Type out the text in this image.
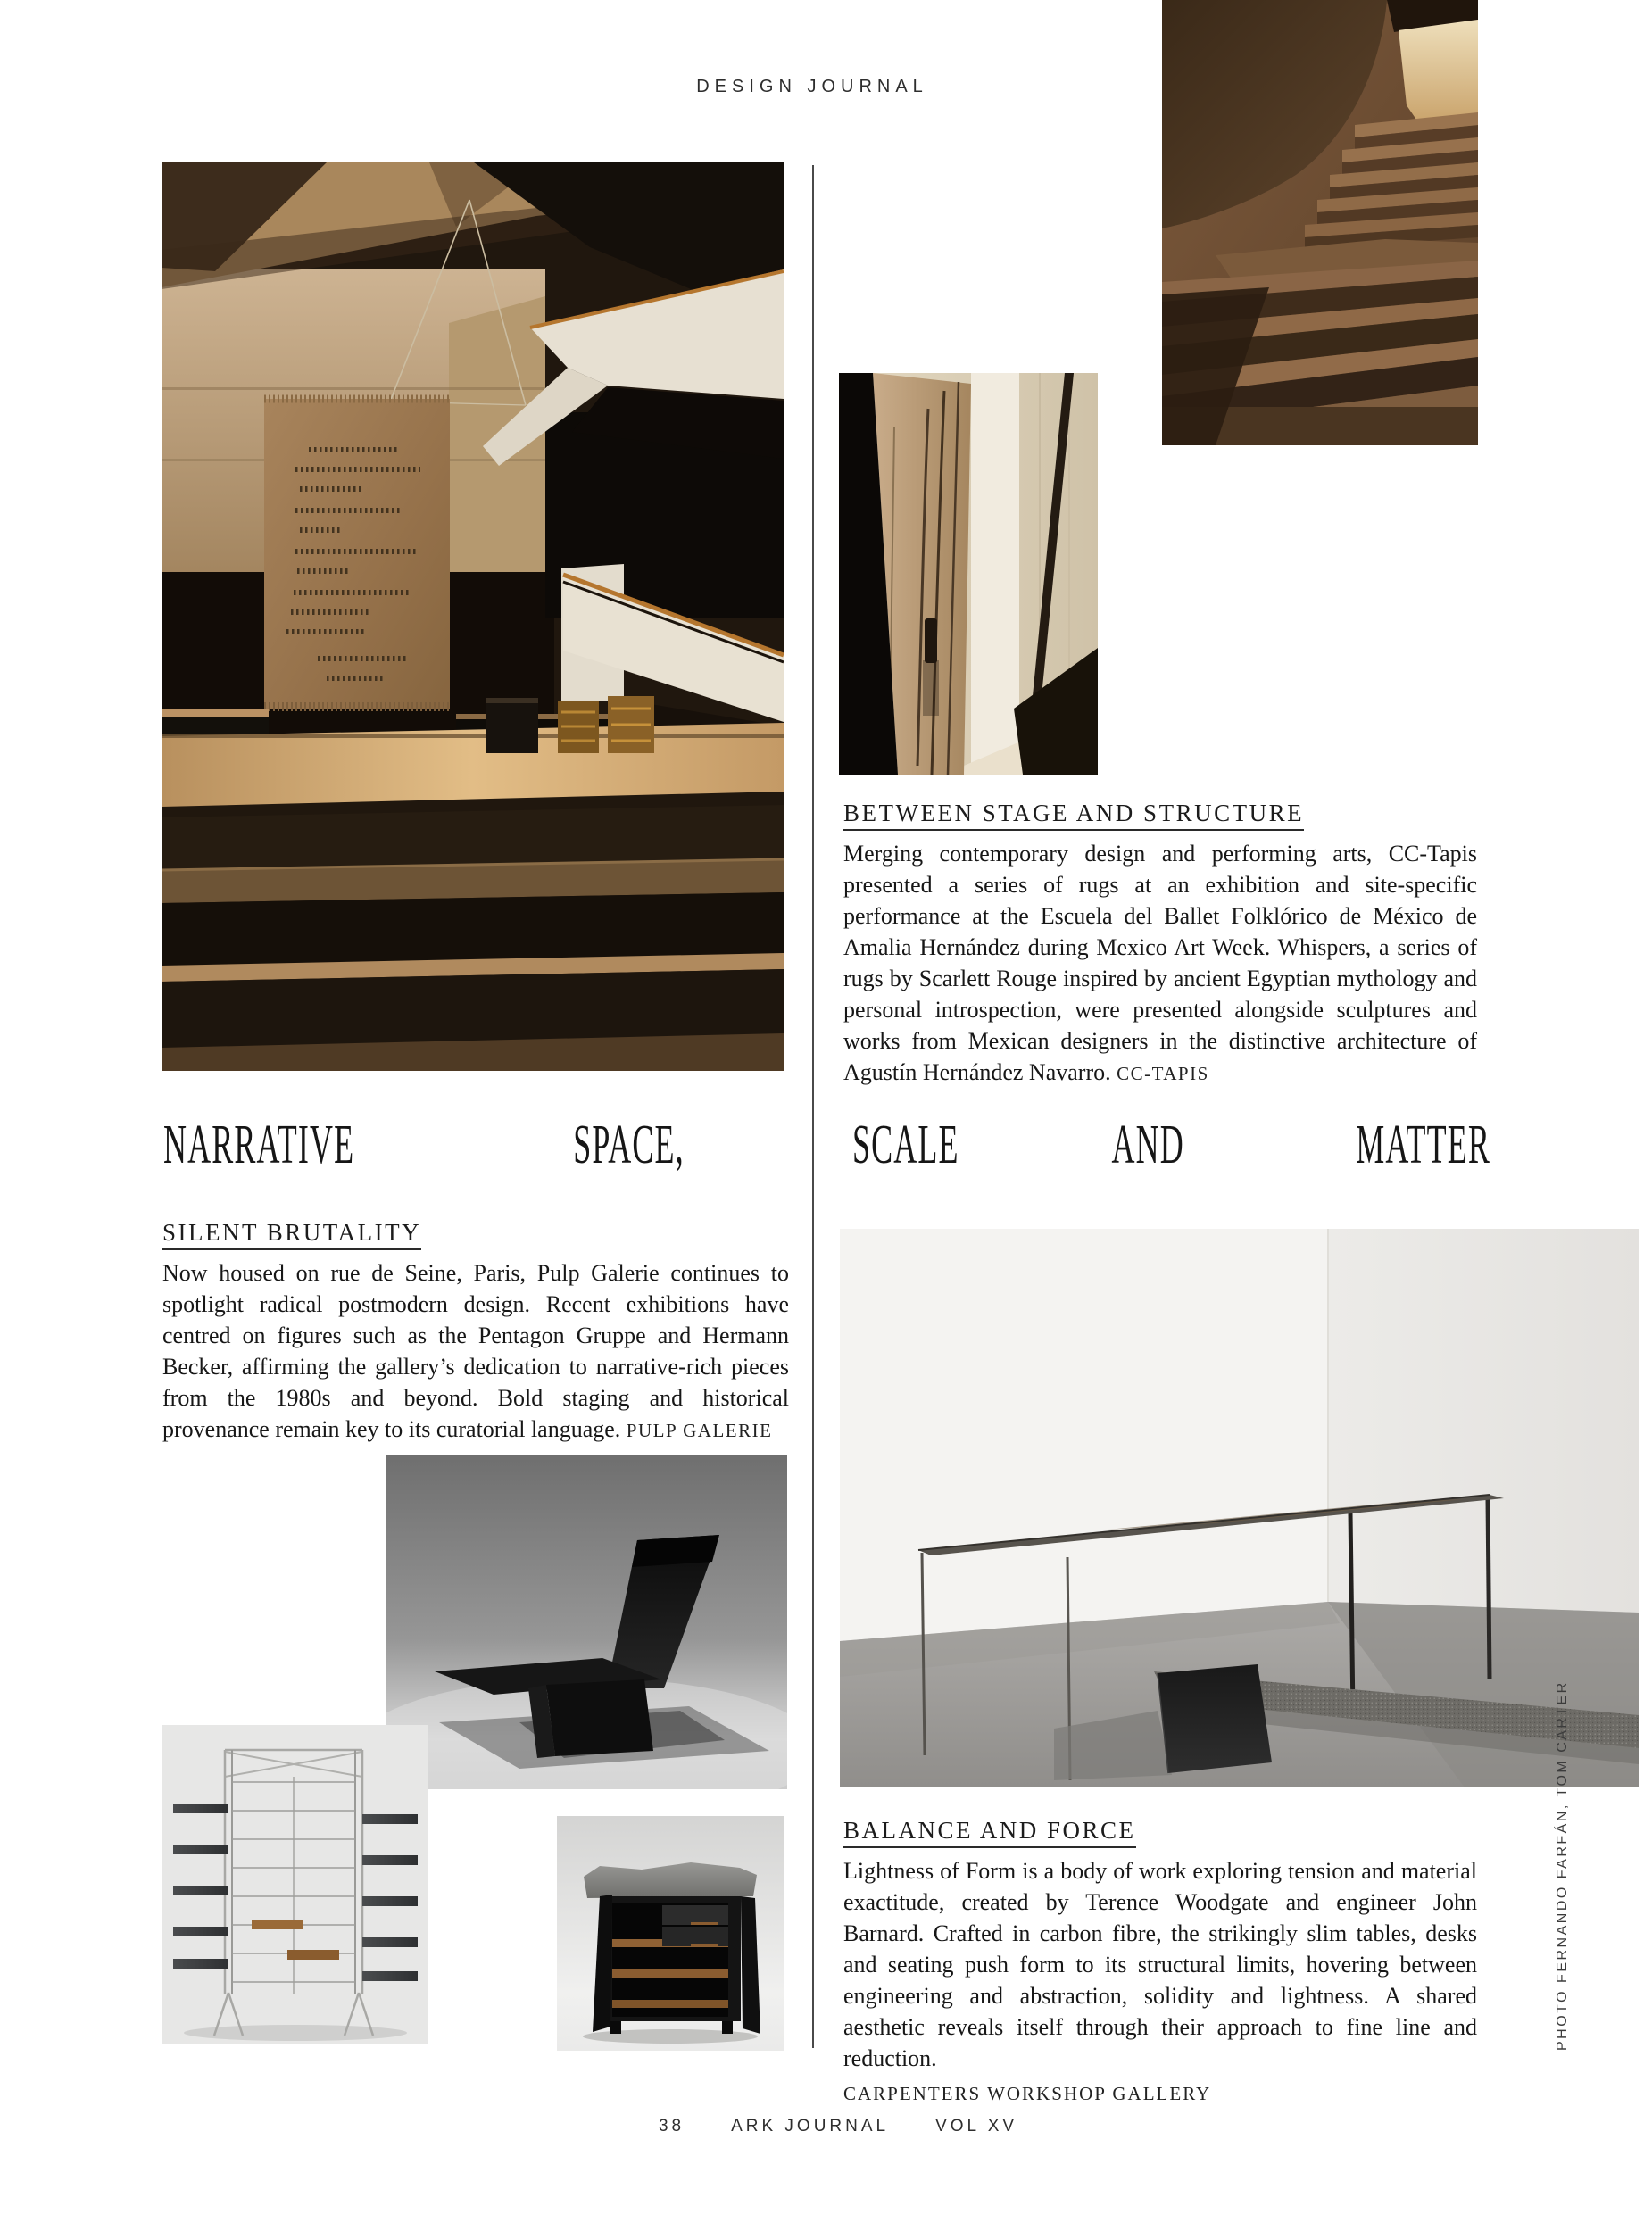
DESIGN JOURNAL
BETWEEN STAGE AND STRUCTURE

Merging contemporary design and performing arts, CC-Tapis presented a series of rugs at an exhibition and site-specific performance at the Escuela del Ballet Folklórico de México de Amalia Hernández during Mexico Art Week. Whispers, a series of rugs by Scarlett Rouge inspired by ancient Egyptian mythology and personal introspection, were presented alongside sculptures and works from Mexican designers in the distinctive architecture of Agustín Hernández Navarro. CC-TAPIS

NARRATIVE	SPACE,	SCALE	AND	MATTER
SILENT BRUTALITY

Now housed on rue de Seine, Paris, Pulp Galerie continues to spotlight radical postmodern design. Recent exhibitions have centred on figures such as the Pentagon Gruppe and Hermann Becker, affirming the gallery’s dedication to narrative-rich pieces from the 1980s and beyond. Bold staging and historical provenance remain key to its curatorial language. PULP GALERIE

BALANCE AND FORCE

Lightness of Form is a body of work exploring tension and material exactitude, created by Terence Woodgate and engineer John Barnard. Crafted in carbon fibre, the strikingly slim tables, desks and seating push form to its structural limits, hovering between engineering and abstraction, solidity and lightness. A shared aesthetic reveals itself through their approach to fine line and reduction.

CARPENTERS WORKSHOP GALLERY
PHOTO FERNANDO FARFÁN, TOM CARTER
38	ARK JOURNAL	VOL XV
